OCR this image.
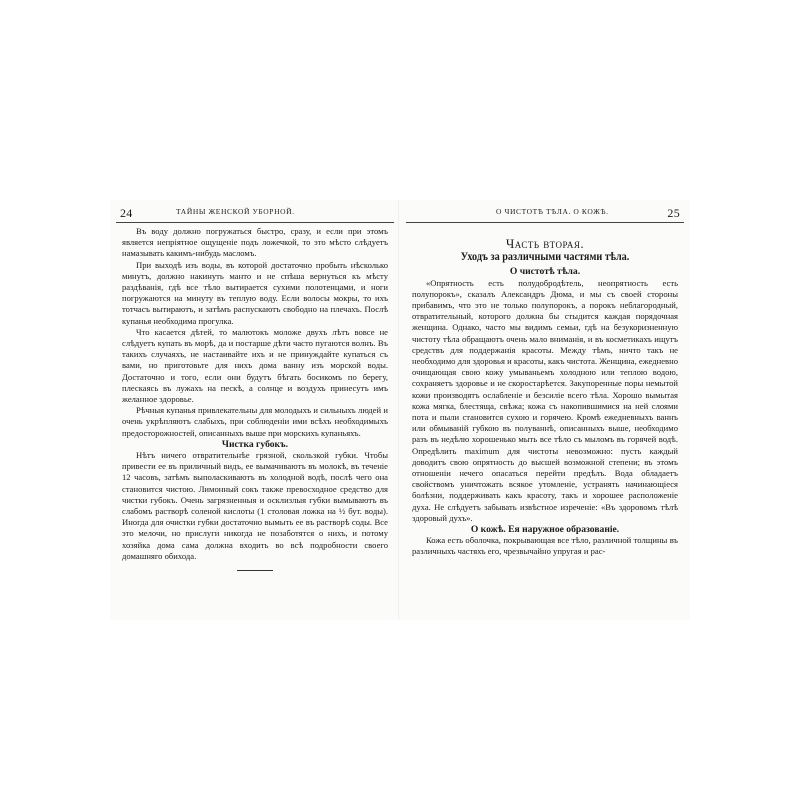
24	ТАЙНЫ ЖЕНСКОЙ УБОРНОЙ.

Въ воду должно погружаться быстро, сразу, и если при этомъ является непріятное ощущеніе подъ ложечкой, то это мѣсто слѣдуетъ намазывать какимъ-нибудь масломъ.

При выходѣ изъ воды, въ которой достаточно пробыть нѣсколько минутъ, должно накинуть манто и не спѣша вернуться къ мѣсту раздѣванія, гдѣ все тѣло вытирается сухими полотенцами, и ноги погружаются на минуту въ теплую воду. Если волосы мокры, то ихъ тотчасъ вытираютъ, и затѣмъ распускаютъ свободно на плечахъ. Послѣ купанья необходима прогулка.

Что касается дѣтей, то малютокъ моложе двухъ лѣтъ вовсе не слѣдуетъ купать въ морѣ, да и постарше дѣти часто пугаются волнъ. Въ такихъ случаяхъ, не настаивайте ихъ и не принуждайте купаться съ вами, но приготовьте для нихъ дома ванну изъ морской воды. Достаточно и того, если они будутъ бѣгать босикомъ по берегу, плескаясь въ лужахъ на пескѣ, а солнце и воздухъ принесутъ имъ желанное здоровье.

Рѣчныя купанья привлекательны для молодыхъ и сильныхъ людей и очень укрѣпляютъ слабыхъ, при соблюденіи ими всѣхъ необходимыхъ предосторожностей, описанныхъ выше при морскихъ купаньяхъ.

Чистка губокъ.

Нѣтъ ничего отвратительнѣе грязной, скользкой губки. Чтобы привести ее въ приличный видъ, ее вымачиваютъ въ молокѣ, въ теченіе 12 часовъ, затѣмъ выполаскиваютъ въ холодной водѣ, послѣ чего она становится чистою. Лимонный сокъ также превосходное средство для чистки губокъ. Очень загрязненныя и осклизлыя губки вымываютъ въ слабомъ растворѣ соленой кислоты (1 столовая ложка на ½ бут. воды). Иногда для очистки губки достаточно вымыть ее въ растворѣ соды. Все это мелочи, но прислуги никогда не позаботятся о нихъ, и потому хозяйка дома сама должна входить во всѣ подробности своего домашняго обихода.

О ЧИСТОТѢ ТѢЛА. О КОЖѢ.	25
Часть вторая.
Уходъ за различными частями тѣла.

О чистотѣ тѣла.

«Опрятность есть полудобродѣтель, неопрятность есть полупорокъ», сказалъ Александръ Дюма, и мы съ своей стороны прибавимъ, что это не только полупорокъ, а порокъ неблагородный, отвратительный, которого должна бы стыдится каждая порядочная женщина. Однако, часто мы видимъ семьи, гдѣ на безукоризненную чистоту тѣла обращаютъ очень мало вниманія, и въ косметикахъ ищутъ средствъ для поддержанія красоты. Между тѣмъ, ничто такъ не необходимо для здоровья и красоты, какъ чистота. Женщина, ежедневно очищающая свою кожу умываньемъ холодною или теплою водою, сохраняетъ здоровье и не скоростарѣется. Закупоренные поры немытой кожи производятъ ослабленіе и безсиліе всего тѣла. Хорошо вымытая кожа мягка, блестяща, свѣжа; кожа съ накопившимися на ней слоями пота и пыли становится сухою и горячею. Кромѣ ежедневныхъ ваннъ или обмываній губкою въ полуваннѣ, описанныхъ выше, необходимо разъ въ недѣлю хорошенько мыть все тѣло съ мыломъ въ горячей водѣ. Опредѣлить maximum для чистоты невозможно: пусть каждый доводитъ свою опрятность до высшей возможной степени; въ этомъ отношеніи нечего опасаться перейти предѣлъ. Вода обладаетъ свойствомъ уничтожать всякое утомленіе, устранять начинающіеся болѣзни, поддерживать какъ красоту, такъ и хорошее расположеніе духа. Не слѣдуетъ забывать извѣстное изреченіе: «Въ здоровомъ тѣлѣ здоровый духъ».

О кожѣ. Ея наружное образованіе.

Кожа есть оболочка, покрывающая все тѣло, различной толщины въ различныхъ частяхъ его, чрезвычайно упругая и рас-
